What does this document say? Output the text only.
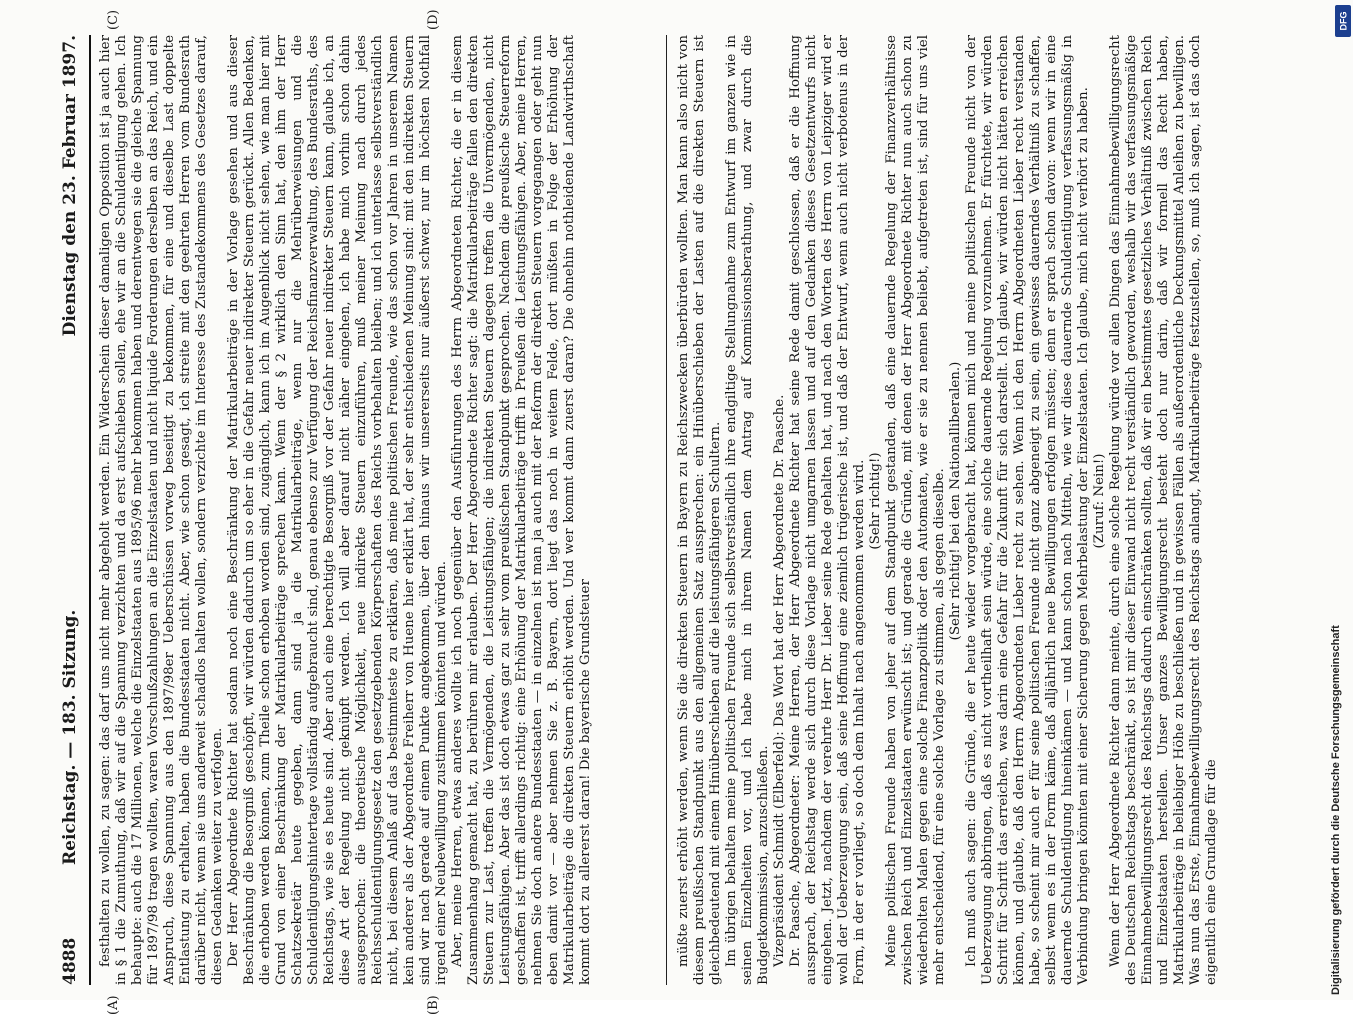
4888
Reichstag. — 183. Sitzung.
Dienstag den 23. Februar 1897.
(A)	(B)
(C)	(D)

festhalten zu wollen, zu sagen: das darf uns nicht mehr abgeholt werden. Ein Widerschein dieser damaligen Opposition ist ja auch hier in § 1 die Zumuthung, daß wir auf die Spannung verzichten und da erst aufschieben sollen, ehe wir an die Schuldentilgung gehen. Ich behaupte: auch die 17 Millionen, welche die Einzelstaaten aus 1895/96 mehr bekommen haben und derentwegen sie die gleiche Spannung für 1897/98 tragen wollten, waren Vorschußzahlungen an die Einzelstaaten und nicht liquide Forderungen derselben an das Reich, und ein Anspruch, diese Spannung aus den 1897/98er Ueberschüssen vorweg beseitigt zu bekommen, für eine und dieselbe Last doppelte Entlastung zu erhalten, haben die Bundesstaaten nicht. Aber, wie schon gesagt, ich streite mit den geehrten Herren vom Bundesrath darüber nicht, wenn sie uns anderweit schadlos halten wollen, sondern verzichte im Interesse des Zustandekommens des Gesetzes darauf, diesen Gedanken weiter zu verfolgen. Der Herr Abgeordnete Richter hat sodann noch eine Beschränkung der Matrikularbeiträge in der Vorlage gesehen und aus dieser Beschränkung die Besorgniß geschöpft, wir würden dadurch um so eher in die Gefahr neuer indirekter Steuern gerückt. Allen Bedenken, die erhoben werden können, zum Theile schon erhoben worden sind, zugänglich, kann ich im Augenblick nicht sehen, wie man hier mit Grund von einer Beschränkung der Matrikularbeiträge sprechen kann. Wenn der § 2 wirklich den Sinn hat, den ihm der Herr Schatzsekretär heute gegeben, dann sind ja die Matrikularbeiträge, wenn nur die Mehrüberweisungen und die Schuldentilgungshintertage vollständig aufgebraucht sind, genau ebenso zur Verfügung der Reichsfinanzverwaltung, des Bundesraths, des Reichstags, wie sie es heute sind. Aber auch eine berechtigte Besorgniß vor der Gefahr neuer indirekter Steuern kann, glaube ich, an diese Art der Regelung nicht geknüpft werden. Ich will aber darauf nicht näher eingehen, ich habe mich vorhin schon dahin ausgesprochen: die theoretische Möglichkeit, neue indirekte Steuern einzuführen, muß meiner Meinung nach durch jedes Reichsschuldentilgungsgesetz den gesetzgebenden Körperschaften des Reichs vorbehalten bleiben; und ich unterlasse selbstverständlich nicht, bei diesem Anlaß auf das bestimmteste zu erklären, daß meine politischen Freunde, wie das schon vor Jahren in unserem Namen kein anderer als der Abgeordnete Freiherr von Huene hier erklärt hat, der sehr entschiedenen Meinung sind: mit den indirekten Steuern sind wir nach gerade auf einem Punkte angekommen, über den hinaus wir unsererseits nur äußerst schwer, nur im höchsten Nothfall irgend einer Neubewilligung zustimmen könnten und würden. Aber, meine Herren, etwas anderes wollte ich noch gegenüber den Ausführungen des Herrn Abgeordneten Richter, die er in diesem Zusammenhang gemacht hat, zu berühren mir erlauben. Der Herr Abgeordnete Richter sagt: die Matrikularbeiträge fallen den direkten Steuern zur Last, treffen die Vermögenden, die Leistungsfähigen; die indirekten Steuern dagegen treffen die Unvermögenden, nicht Leistungsfähigen. Aber das ist doch etwas gar zu sehr vom preußischen Standpunkt gesprochen. Nachdem die preußische Steuerreform geschaffen ist, trifft allerdings richtig: eine Erhöhung der Matrikularbeiträge trifft in Preußen die Leistungsfähigen. Aber, meine Herren, nehmen Sie doch andere Bundesstaaten — in einzelnen ist man ja auch mit der Reform der direkten Steuern vorgegangen oder geht nun eben damit vor — aber nehmen Sie z. B. Bayern, dort liegt das noch in weitem Felde, dort müßten in Folge der Erhöhung der Matrikularbeiträge die direkten Steuern erhöht werden. Und wer kommt dann zuerst daran? Die ohnehin nothleidende Landwirthschaft kommt dort zu allererst daran! Die bayerische Grundsteuer	müßte zuerst erhöht werden, wenn Sie die direkten Steuern in Bayern zu Reichszwecken überbürden wollten. Man kann also nicht von diesem preußischen Standpunkt aus den allgemeinen Satz aussprechen: ein Hinüberschieben der Lasten auf die direkten Steuern ist gleichbedeutend mit einem Hinüberschieben auf die leistungsfähigeren Schultern. Im übrigen behalten meine politischen Freunde sich selbstverständlich ihre endgiltige Stellungnahme zum Entwurf im ganzen wie in seinen Einzelheiten vor, und ich habe mich in ihrem Namen dem Antrag auf Kommissionsberathung, und zwar durch die Budgetkommission, anzuschließen. Vizepräsident Schmidt (Elberfeld): Das Wort hat der Herr Abgeordnete Dr. Paasche. Dr. Paasche, Abgeordneter: Meine Herren, der Herr Abgeordnete Richter hat seine Rede damit geschlossen, daß er die Hoffnung aussprach, der Reichstag werde sich durch diese Vorlage nicht umgarnen lassen und auf den Gedanken dieses Gesetzentwurfs nicht eingehen. Jetzt, nachdem der verehrte Herr Dr. Lieber seine Rede gehalten hat, und nach den Worten des Herrn von Leipziger wird er wohl der Ueberzeugung sein, daß seine Hoffnung eine ziemlich trügerische ist, und daß der Entwurf, wenn auch nicht verbotenus in der Form, in der er vorliegt, so doch dem Inhalt nach angenommen werden wird. (Sehr richtig!) Meine politischen Freunde haben von jeher auf dem Standpunkt gestanden, daß eine dauernde Regelung der Finanzverhältnisse zwischen Reich und Einzelstaaten erwünscht ist; und gerade die Gründe, mit denen der Herr Abgeordnete Richter nun auch schon zu wiederholten Malen gegen eine solche Finanzpolitik oder den Automaten, wie er sie zu nennen beliebt, aufgetreten ist, sind für uns viel mehr entscheidend, für eine solche Vorlage zu stimmen, als gegen dieselbe. (Sehr richtig! bei den Nationalliberalen.) Ich muß auch sagen: die Gründe, die er heute wieder vorgebracht hat, können mich und meine politischen Freunde nicht von der Ueberzeugung abbringen, daß es nicht vortheilhaft sein würde, eine solche dauernde Regelung vorzunehmen. Er fürchtete, wir würden Schritt für Schritt das erreichen, was darin eine Gefahr für die Zukunft für sich darstellt. Ich glaube, wir würden nicht hätten erreichen können, und glaubte, daß den Herrn Abgeordneten Lieber recht zu sehen. Wenn ich den Herrn Abgeordneten Lieber recht verstanden habe, so scheint mir auch er für seine politischen Freunde nicht ganz abgeneigt zu sein, ein gewisses dauerndes Verhältniß zu schaffen, selbst wenn es in der Form käme, daß alljährlich neue Bewilligungen erfolgen müssten; denn er sprach schon davon: wenn wir in eine dauernde Schuldentilgung hineinkämen — und kann schon nach Mitteln, wie wir diese dauernde Schuldentilgung verfassungsmäßig in Verbindung bringen könnten mit einer Sicherung gegen Mehrbelastung der Einzelstaaten. Ich glaube, mich nicht verhört zu haben. (Zuruf: Nein!) Wenn der Herr Abgeordnete Richter dann meinte, durch eine solche Regelung würde vor allen Dingen das Einnahmebewilligungsrecht des Deutschen Reichstags beschränkt, so ist mir dieser Einwand nicht recht verständlich geworden, weshalb wir das verfassungsmäßige Einnahmebewilligungsrecht des Reichstags dadurch einschränken sollten, daß wir ein bestimmtes gesetzliches Verhältniß zwischen Reich und Einzelstaaten herstellen. Unser ganzes Bewilligungsrecht besteht doch nur darin, daß wir formell das Recht haben, Matrikularbeiträge in beliebiger Höhe zu beschließen und in gewissen Fällen als außerordentliche Deckungsmittel Anleihen zu bewilligen. Was nun das Erste, Einnahmebewilligungsrecht des Reichstags anlangt, Matrikularbeiträge festzustellen, so, muß ich sagen, ist das doch eigentlich eine Grundlage für die

DFG
Digitalisierung gefördert durch die Deutsche Forschungsgemeinschaft
